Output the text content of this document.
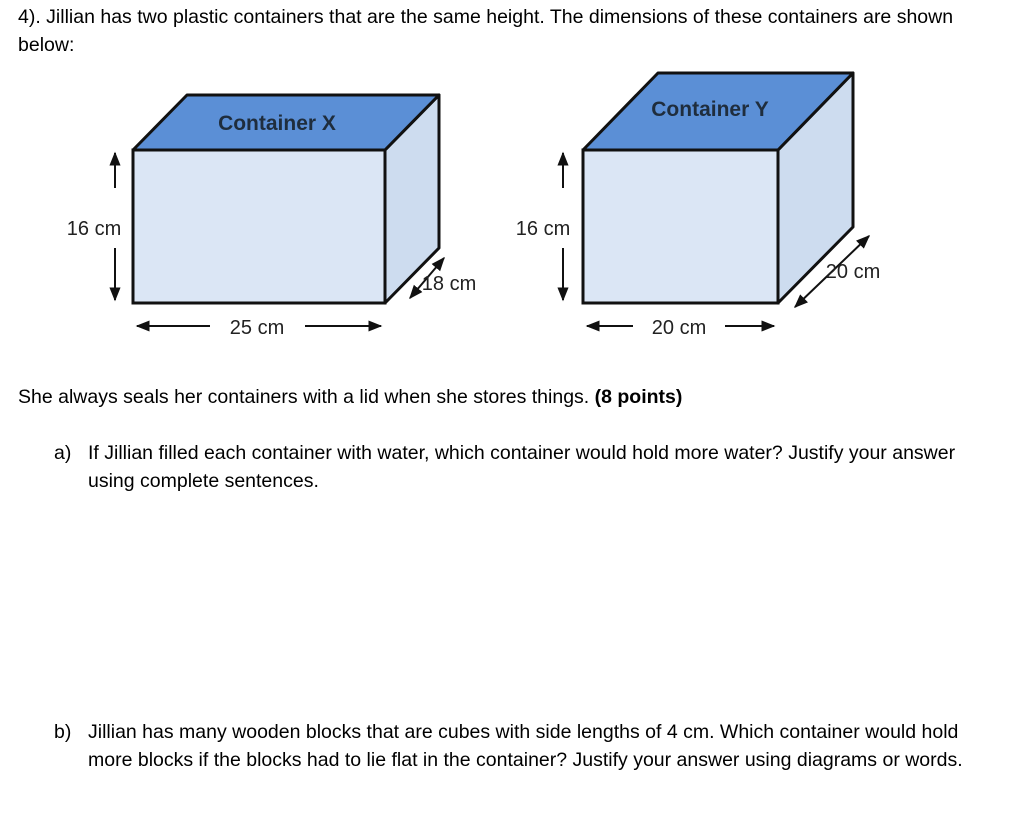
4). Jillian has two plastic containers that are the same height. The dimensions of these containers are shown below:
Container X
16 cm
25 cm
18 cm
Container Y
16 cm
20 cm
20 cm
She always seals her containers with a lid when she stores things. (8 points)
a) If Jillian filled each container with water, which container would hold more water? Justify your answer using complete sentences.
b) Jillian has many wooden blocks that are cubes with side lengths of 4 cm. Which container would hold more blocks if the blocks had to lie flat in the container? Justify your answer using diagrams or words.
